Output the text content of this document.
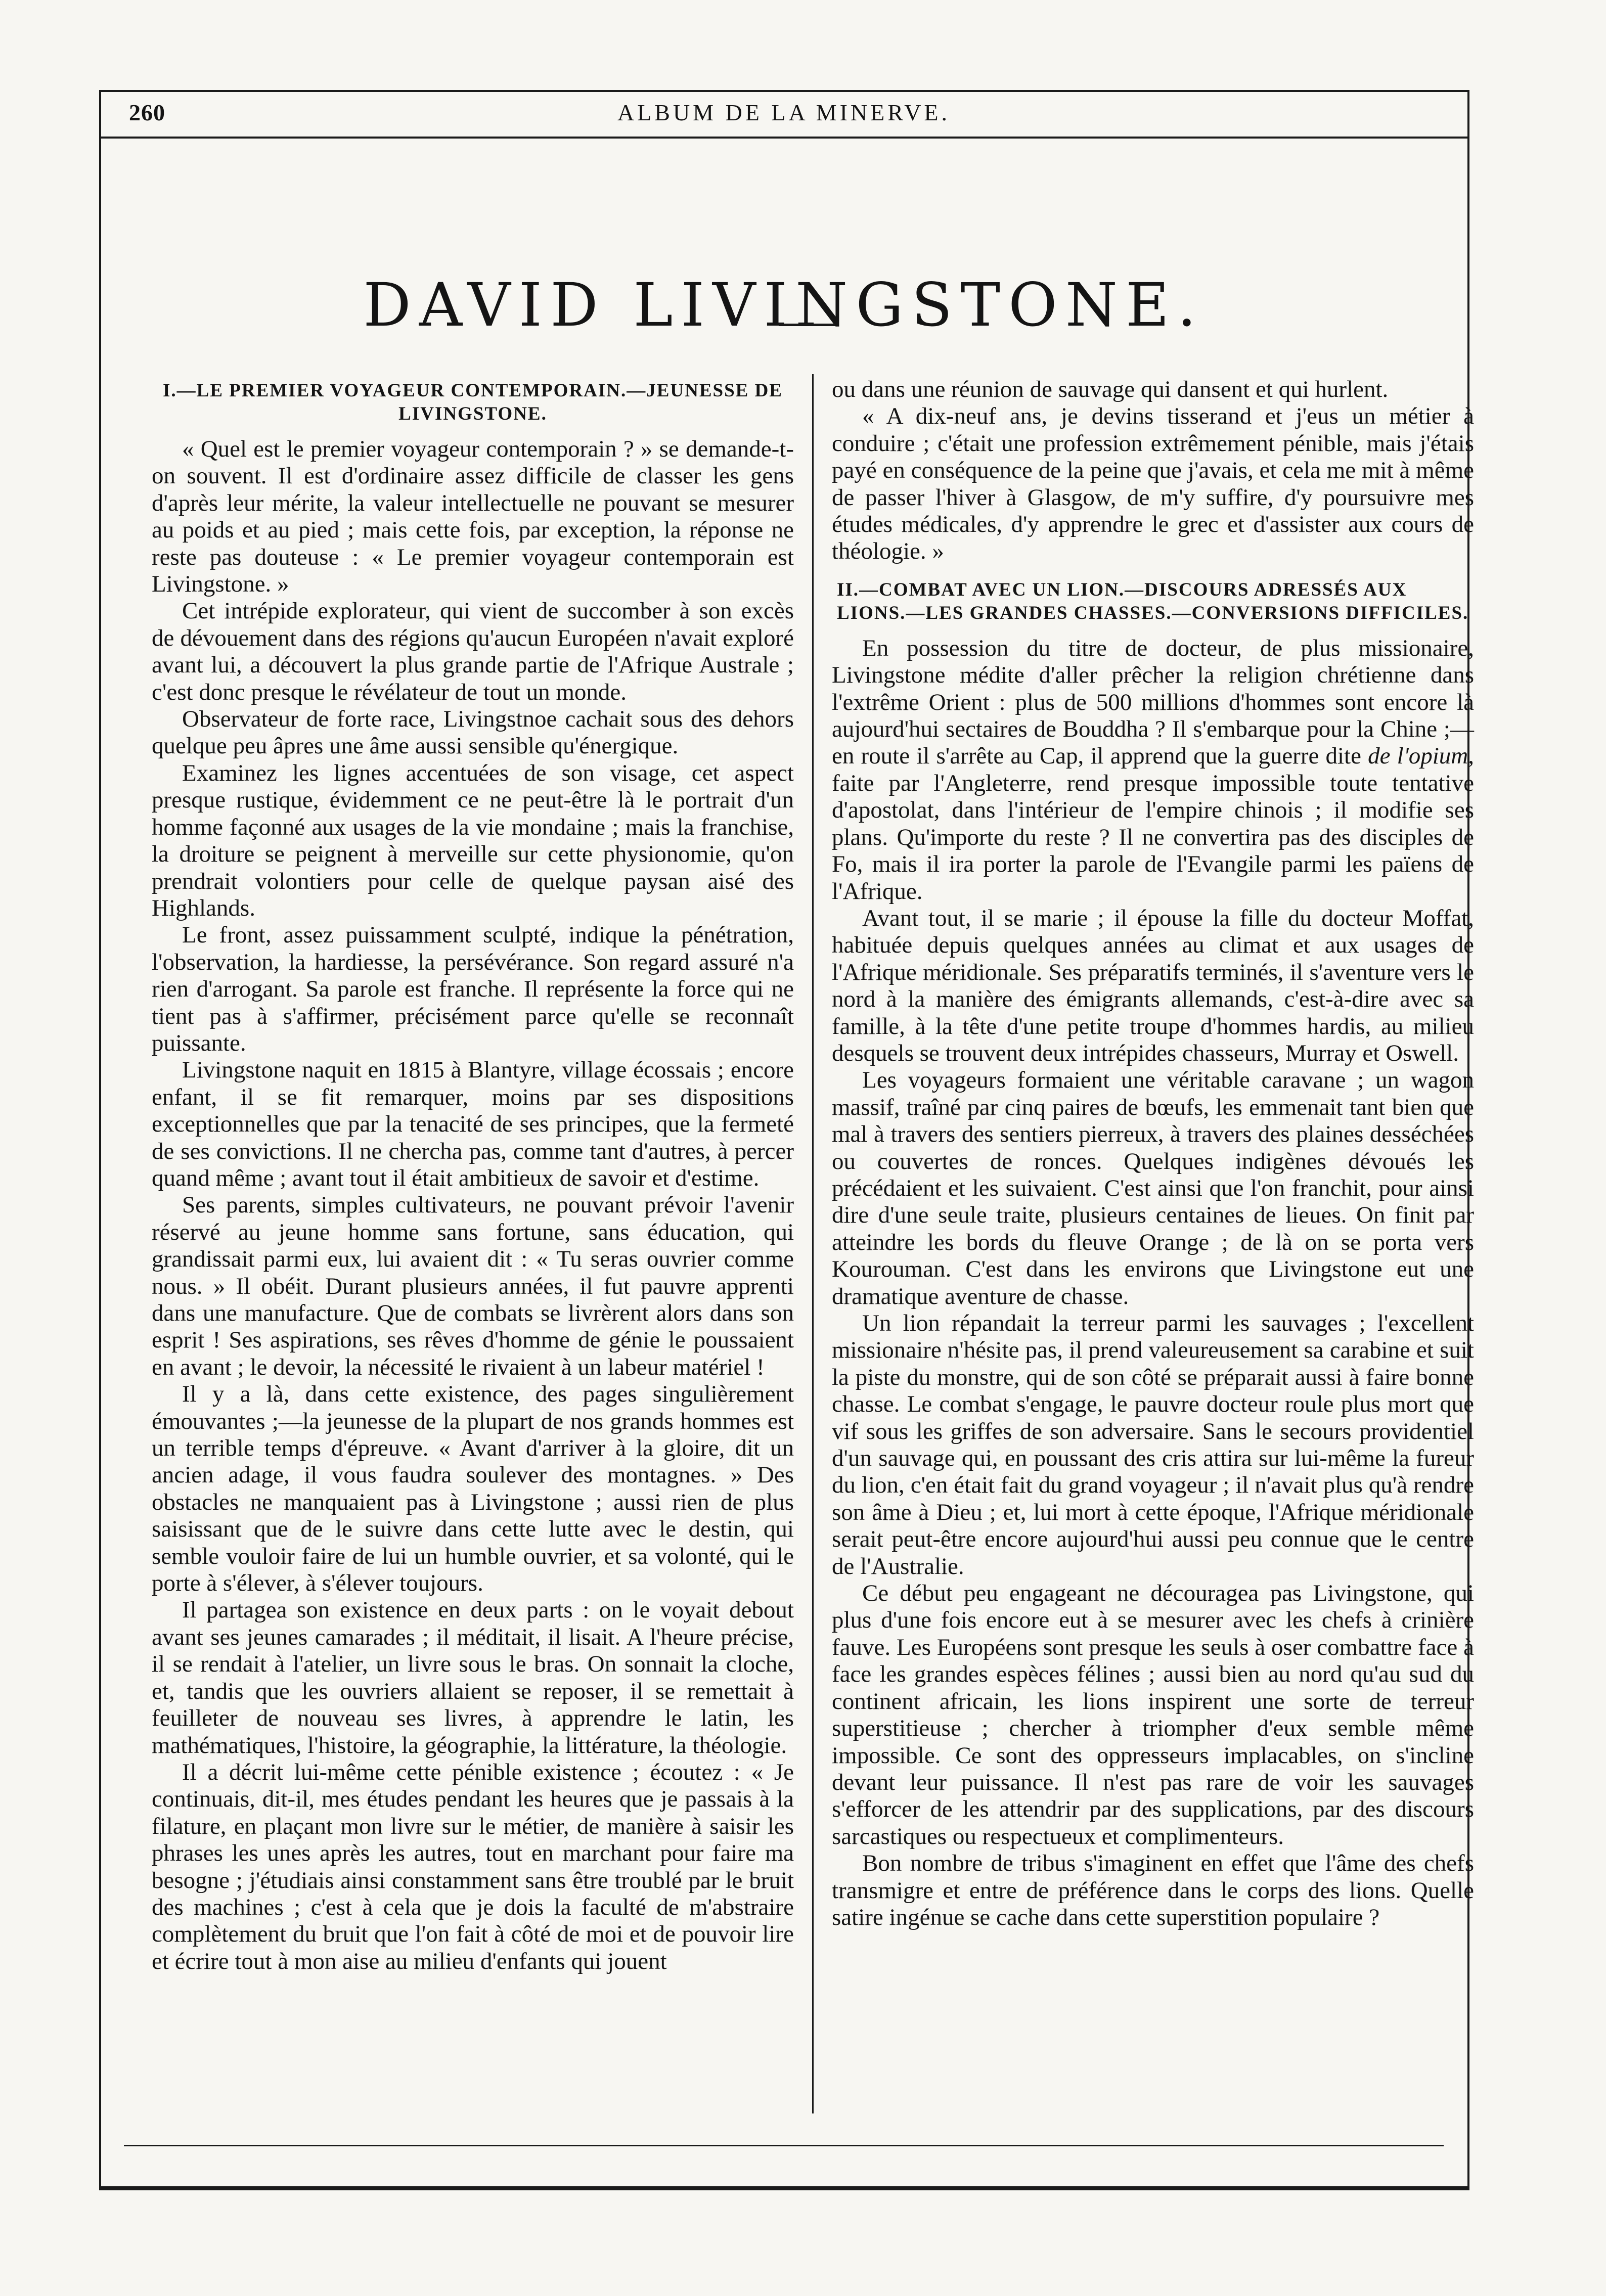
260	ALBUM DE LA MINERVE.
DAVID LIVINGSTONE.
I.—LE PREMIER VOYAGEUR CONTEMPORAIN.—JEUNESSE DE LIVINGSTONE.

« Quel est le premier voyageur contemporain ? » se demande-t-on souvent. Il est d'ordinaire assez difficile de classer les gens d'après leur mérite, la valeur intellectuelle ne pouvant se mesurer au poids et au pied ; mais cette fois, par exception, la réponse ne reste pas douteuse : « Le premier voyageur contemporain est Livingstone. »

Cet intrépide explorateur, qui vient de succomber à son excès de dévouement dans des régions qu'aucun Européen n'avait exploré avant lui, a découvert la plus grande partie de l'Afrique Australe ; c'est donc presque le révélateur de tout un monde.

Observateur de forte race, Livingstnoe cachait sous des dehors quelque peu âpres une âme aussi sensible qu'énergique.

Examinez les lignes accentuées de son visage, cet aspect presque rustique, évidemment ce ne peut-être là le portrait d'un homme façonné aux usages de la vie mondaine ; mais la franchise, la droiture se peignent à merveille sur cette physionomie, qu'on prendrait volontiers pour celle de quelque paysan aisé des Highlands.

Le front, assez puissamment sculpté, indique la pénétration, l'observation, la hardiesse, la persévérance. Son regard assuré n'a rien d'arrogant. Sa parole est franche. Il représente la force qui ne tient pas à s'affirmer, précisément parce qu'elle se reconnaît puissante.

Livingstone naquit en 1815 à Blantyre, village écossais ; encore enfant, il se fit remarquer, moins par ses dispositions exceptionnelles que par la tenacité de ses principes, que la fermeté de ses convictions. Il ne chercha pas, comme tant d'autres, à percer quand même ; avant tout il était ambitieux de savoir et d'estime.

Ses parents, simples cultivateurs, ne pouvant prévoir l'avenir réservé au jeune homme sans fortune, sans éducation, qui grandissait parmi eux, lui avaient dit : « Tu seras ouvrier comme nous. » Il obéit. Durant plusieurs années, il fut pauvre apprenti dans une manufacture. Que de combats se livrèrent alors dans son esprit ! Ses aspirations, ses rêves d'homme de génie le poussaient en avant ; le devoir, la nécessité le rivaient à un labeur matériel !

Il y a là, dans cette existence, des pages singulièrement émouvantes ;—la jeunesse de la plupart de nos grands hommes est un terrible temps d'épreuve. « Avant d'arriver à la gloire, dit un ancien adage, il vous faudra soulever des montagnes. » Des obstacles ne manquaient pas à Livingstone ; aussi rien de plus saisissant que de le suivre dans cette lutte avec le destin, qui semble vouloir faire de lui un humble ouvrier, et sa volonté, qui le porte à s'élever, à s'élever toujours.

Il partagea son existence en deux parts : on le voyait debout avant ses jeunes camarades ; il méditait, il lisait. A l'heure précise, il se rendait à l'atelier, un livre sous le bras. On sonnait la cloche, et, tandis que les ouvriers allaient se reposer, il se remettait à feuilleter de nouveau ses livres, à apprendre le latin, les mathématiques, l'histoire, la géographie, la littérature, la théologie.

Il a décrit lui-même cette pénible existence ; écoutez : « Je continuais, dit-il, mes études pendant les heures que je passais à la filature, en plaçant mon livre sur le métier, de manière à saisir les phrases les unes après les autres, tout en marchant pour faire ma besogne ; j'étudiais ainsi constamment sans être troublé par le bruit des machines ; c'est à cela que je dois la faculté de m'abstraire complètement du bruit que l'on fait à côté de moi et de pouvoir lire et écrire tout à mon aise au milieu d'enfants qui jouent

ou dans une réunion de sauvage qui dansent et qui hurlent.

« A dix-neuf ans, je devins tisserand et j'eus un métier à conduire ; c'était une profession extrêmement pénible, mais j'étais payé en conséquence de la peine que j'avais, et cela me mit à même de passer l'hiver à Glasgow, de m'y suffire, d'y poursuivre mes études médicales, d'y apprendre le grec et d'assister aux cours de théologie. »

II.—COMBAT AVEC UN LION.—DISCOURS ADRESSÉS AUX LIONS.—LES GRANDES CHASSES.—CONVERSIONS DIFFICILES.

En possession du titre de docteur, de plus missionaire, Livingstone médite d'aller prêcher la religion chrétienne dans l'extrême Orient : plus de 500 millions d'hommes sont encore là aujourd'hui sectaires de Bouddha ? Il s'embarque pour la Chine ;—en route il s'arrête au Cap, il apprend que la guerre dite de l'opium, faite par l'Angleterre, rend presque impossible toute tentative d'apostolat, dans l'intérieur de l'empire chinois ; il modifie ses plans. Qu'importe du reste ? Il ne convertira pas des disciples de Fo, mais il ira porter la parole de l'Evangile parmi les païens de l'Afrique.

Avant tout, il se marie ; il épouse la fille du docteur Moffat, habituée depuis quelques années au climat et aux usages de l'Afrique méridionale. Ses préparatifs terminés, il s'aventure vers le nord à la manière des émigrants allemands, c'est-à-dire avec sa famille, à la tête d'une petite troupe d'hommes hardis, au milieu desquels se trouvent deux intrépides chasseurs, Murray et Oswell.

Les voyageurs formaient une véritable caravane ; un wagon massif, traîné par cinq paires de bœufs, les emmenait tant bien que mal à travers des sentiers pierreux, à travers des plaines desséchées ou couvertes de ronces. Quelques indigènes dévoués les précédaient et les suivaient. C'est ainsi que l'on franchit, pour ainsi dire d'une seule traite, plusieurs centaines de lieues. On finit par atteindre les bords du fleuve Orange ; de là on se porta vers Kourouman. C'est dans les environs que Livingstone eut une dramatique aventure de chasse.

Un lion répandait la terreur parmi les sauvages ; l'excellent missionaire n'hésite pas, il prend valeureusement sa carabine et suit la piste du monstre, qui de son côté se préparait aussi à faire bonne chasse. Le combat s'engage, le pauvre docteur roule plus mort que vif sous les griffes de son adversaire. Sans le secours providentiel d'un sauvage qui, en poussant des cris attira sur lui-même la fureur du lion, c'en était fait du grand voyageur ; il n'avait plus qu'à rendre son âme à Dieu ; et, lui mort à cette époque, l'Afrique méridionale serait peut-être encore aujourd'hui aussi peu connue que le centre de l'Australie.

Ce début peu engageant ne découragea pas Livingstone, qui plus d'une fois encore eut à se mesurer avec les chefs à crinière fauve. Les Européens sont presque les seuls à oser combattre face à face les grandes espèces félines ; aussi bien au nord qu'au sud du continent africain, les lions inspirent une sorte de terreur superstitieuse ; chercher à triompher d'eux semble même impossible. Ce sont des oppresseurs implacables, on s'incline devant leur puissance. Il n'est pas rare de voir les sauvages s'efforcer de les attendrir par des supplications, par des discours sarcastiques ou respectueux et complimenteurs.

Bon nombre de tribus s'imaginent en effet que l'âme des chefs transmigre et entre de préférence dans le corps des lions. Quelle satire ingénue se cache dans cette superstition populaire ?
